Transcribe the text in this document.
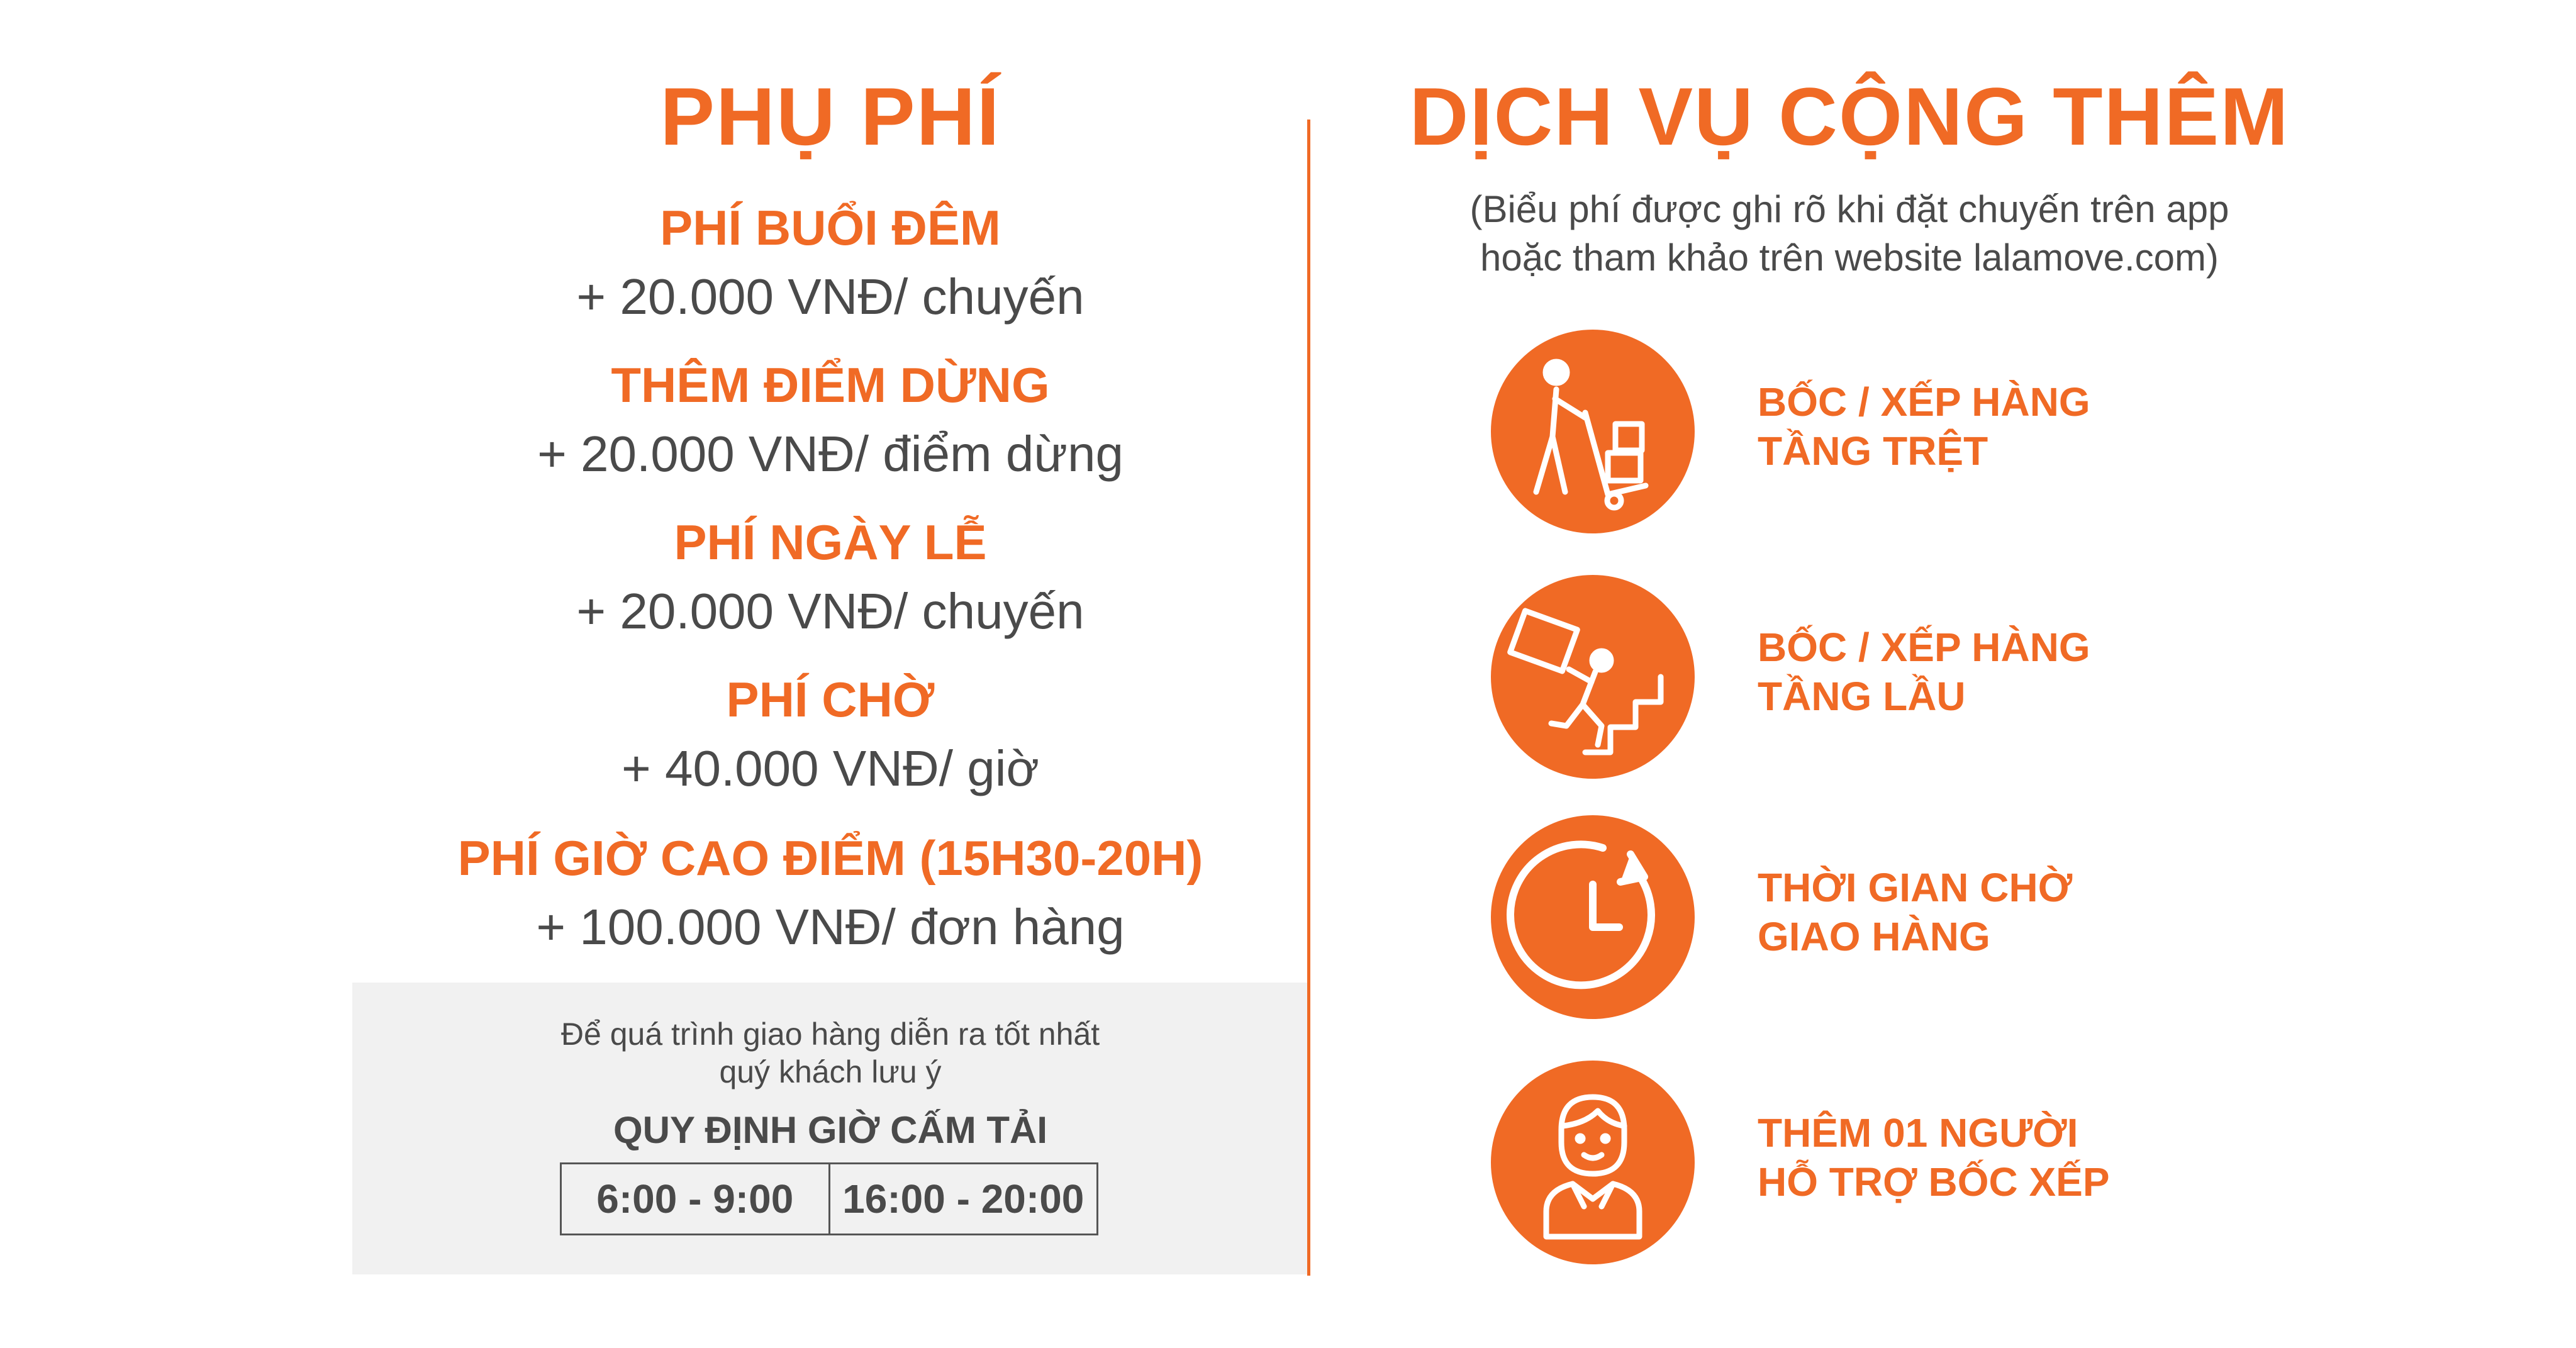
PHỤ PHÍ
PHÍ BUỔI ĐÊM
+ 20.000 VNĐ/ chuyến
THÊM ĐIỂM DỪNG
+ 20.000 VNĐ/ điểm dừng
PHÍ NGÀY LỄ
+ 20.000 VNĐ/ chuyến
PHÍ CHỜ
+ 40.000 VNĐ/ giờ
PHÍ GIỜ CAO ĐIỂM (15H30-20H)
+ 100.000 VNĐ/ đơn hàng
Để quá trình giao hàng diễn ra tốt nhất
quý khách lưu ý
QUY ĐỊNH GIỜ CẤM TẢI
6:00 - 9:00	16:00 - 20:00
DỊCH VỤ CỘNG THÊM
(Biểu phí được ghi rõ khi đặt chuyến trên app
hoặc tham khảo trên website lalamove.com)
BỐC / XẾP HÀNG
TẦNG TRỆT
BỐC / XẾP HÀNG
TẦNG LẦU
THỜI GIAN CHỜ
GIAO HÀNG
THÊM 01 NGƯỜI
HỖ TRỢ BỐC XẾP
